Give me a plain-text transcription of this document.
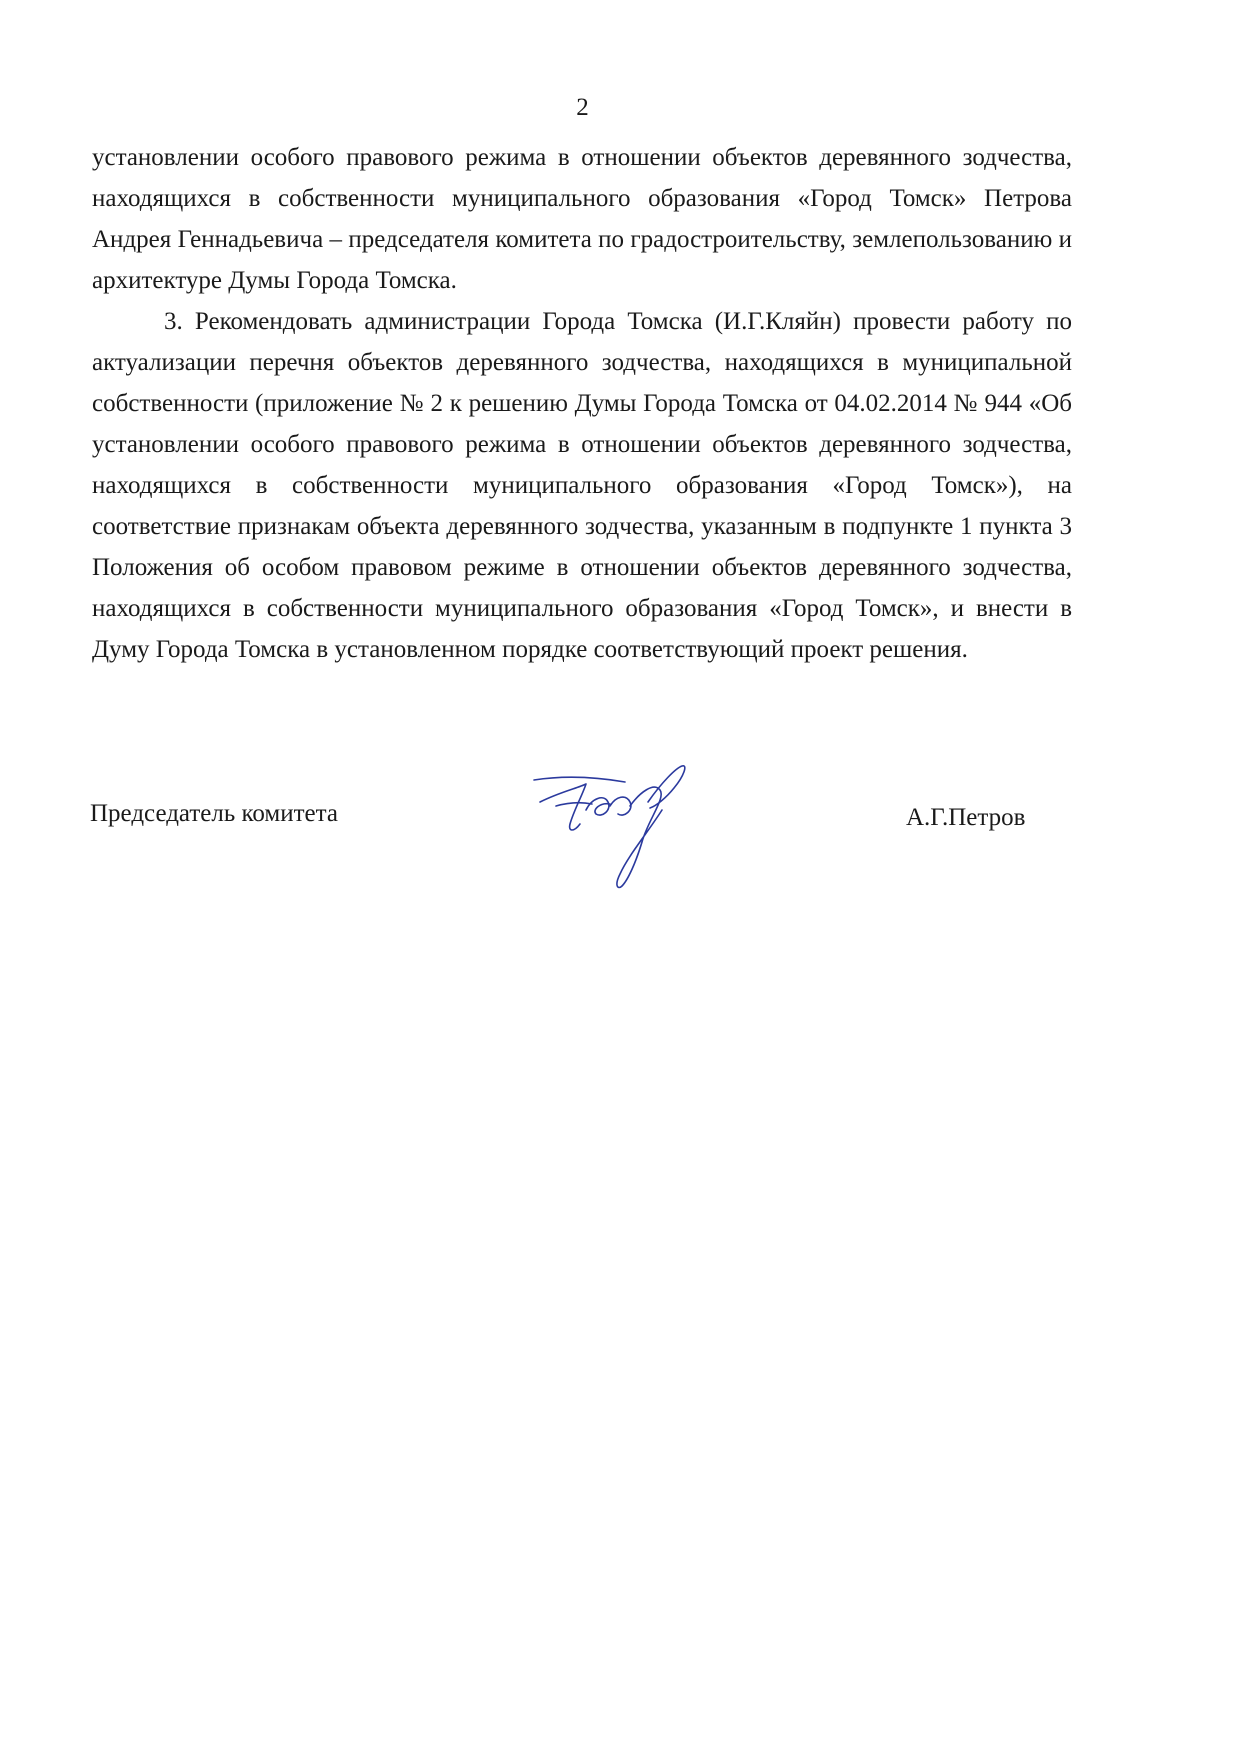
2

установлении особого правового режима в отношении объектов деревянного зодчества, находящихся в собственности муниципального образования «Город Томск» Петрова Андрея Геннадьевича – председателя комитета по градостроительству, землепользованию и архитектуре Думы Города Томска.

3. Рекомендовать администрации Города Томска (И.Г.Кляйн) провести работу по актуализации перечня объектов деревянного зодчества, находящихся в муниципальной собственности (приложение № 2 к решению Думы Города Томска от 04.02.2014 № 944 «Об установлении особого правового режима в отношении объектов деревянного зодчества, находящихся в собственности муниципального образования «Город Томск»), на соответствие признакам объекта деревянного зодчества, указанным в подпункте 1 пункта 3 Положения об особом правовом режиме в отношении объектов деревянного зодчества, находящихся в собственности муниципального образования «Город Томск», и внести в Думу Города Томска в установленном порядке соответствующий проект решения.

Председатель комитета	А.Г.Петров
